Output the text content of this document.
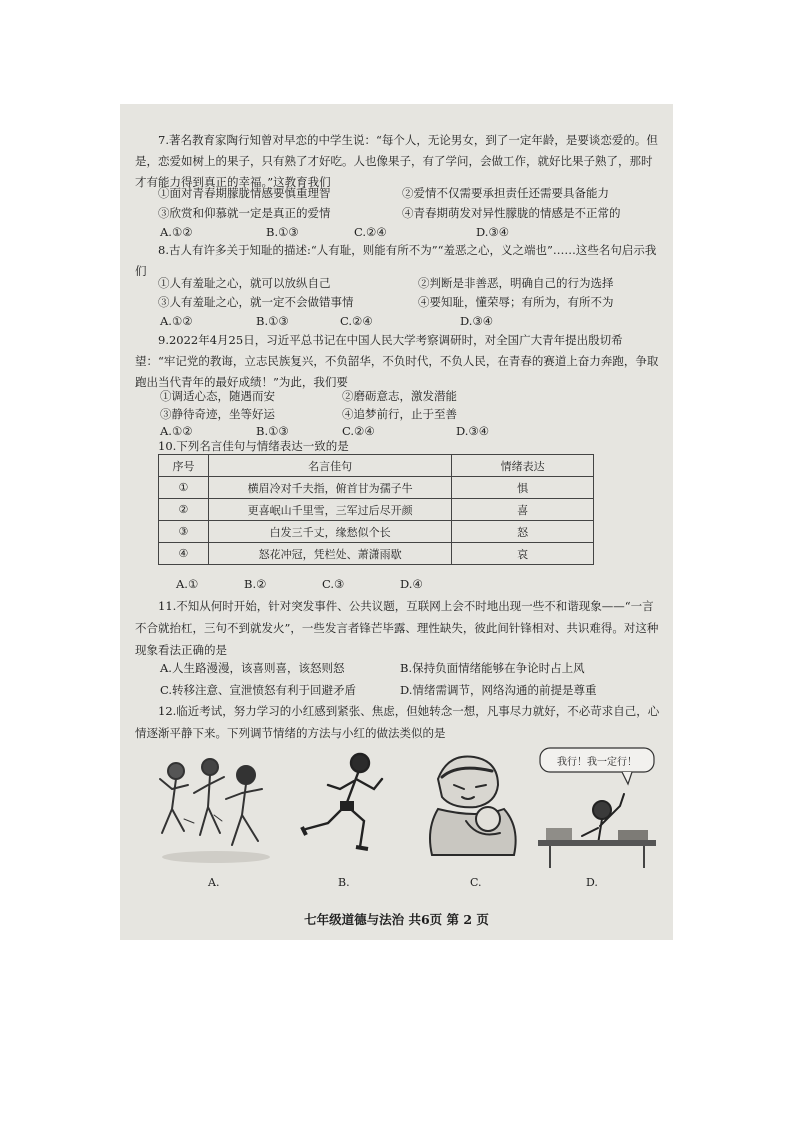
7.著名教育家陶行知曾对早恋的中学生说：“每个人，无论男女，到了一定年龄，是要谈恋爱的。但是，恋爱如树上的果子，只有熟了才好吃。人也像果子，有了学问，会做工作，就好比果子熟了，那时才有能力得到真正的幸福。”这教育我们
①面对青春期朦胧情感要慎重理智	②爱情不仅需要承担责任还需要具备能力
③欣赏和仰慕就一定是真正的爱情	④青春期萌发对异性朦胧的情感是不正常的
A.①②	B.①③	C.②④	D.③④
8.古人有许多关于知耻的描述:“人有耻，则能有所不为”“羞恶之心，义之端也”……这些名句启示我们
①人有羞耻之心，就可以放纵自己	②判断是非善恶，明确自己的行为选择
③人有羞耻之心，就一定不会做错事情	④要知耻，懂荣辱；有所为，有所不为
A.①②	B.①③	C.②④	D.③④
9.2022年4月25日，习近平总书记在中国人民大学考察调研时，对全国广大青年提出殷切希望：“牢记党的教诲，立志民族复兴，不负韶华，不负时代，不负人民，在青春的赛道上奋力奔跑，争取跑出当代青年的最好成绩！”为此，我们要
①调适心态，随遇而安	②磨砺意志，激发潜能
③静待奇迹，坐等好运	④追梦前行，止于至善
A.①②	B.①③	C.②④	D.③④
10.下列名言佳句与情绪表达一致的是
序号	名言佳句	情绪表达
①	横眉冷对千夫指，俯首甘为孺子牛	惧
②	更喜岷山千里雪，三军过后尽开颜	喜
③	白发三千丈，缘愁似个长	怒
④	怒花冲冠，凭栏处、萧潇雨歇	哀
A.①	B.②	C.③	D.④
11.不知从何时开始，针对突发事件、公共议题，互联网上会不时地出现一些不和谐现象——“一言不合就抬杠，三句不到就发火”，一些发言者锋芒毕露、理性缺失，彼此间针锋相对、共识难得。对这种现象看法正确的是
A.人生路漫漫，该喜则喜，该怒则怒	B.保持负面情绪能够在争论时占上风
C.转移注意、宣泄愤怒有利于回避矛盾	D.情绪需调节，网络沟通的前提是尊重
12.临近考试，努力学习的小红感到紧张、焦虑，但她转念一想，凡事尽力就好，不必苛求自己，心情逐渐平静下来。下列调节情绪的方法与小红的做法类似的是
我行！我一定行！
A.	B.	C.	D.
七年级道德与法治 共6页 第 2 页
